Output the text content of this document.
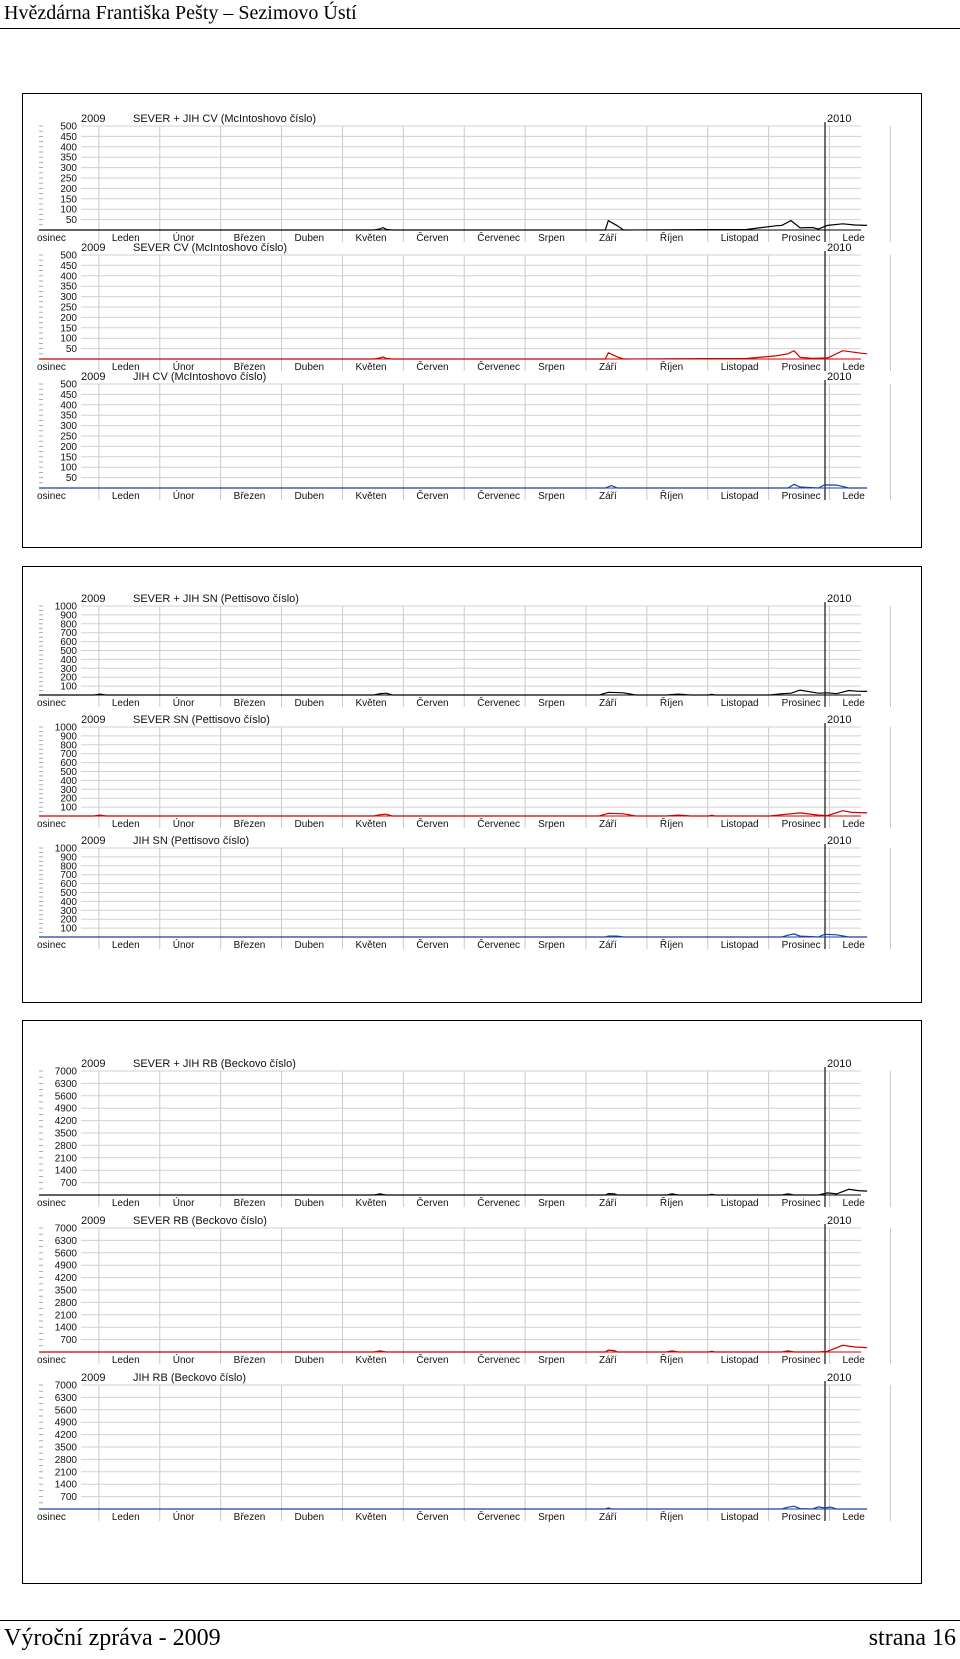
Hvězdárna Františka Pešty – Sezimovo Ústí
50
100
150
200
250
300
350
400
450
500
2009	SEVER + JIH CV (McIntoshovo číslo)	2010
osinec	Leden	Únor	Březen	Duben	Květen	Červen	Červenec Srpen	Září	Říjen	Listopad Prosinec Lede
50
100
150
200
250
300
350
400
450
500
2009	SEVER CV (McIntoshovo číslo)	2010
osinec	Leden	Únor	Březen	Duben	Květen	Červen	Červenec Srpen	Září	Říjen	Listopad Prosinec Lede
50
100
150
200
250
300
350
400
450
500
2009	JIH CV (McIntoshovo číslo)	2010
osinec	Leden	Únor	Březen	Duben	Květen	Červen	Červenec Srpen	Září	Říjen	Listopad Prosinec Lede
100
200
300
400
500
600
700
800
900
1000
2009	SEVER + JIH SN (Pettisovo číslo)	2010
osinec	Leden	Únor	Březen	Duben	Květen	Červen	Červenec Srpen	Září	Říjen	Listopad Prosinec Lede
100
200
300
400
500
600
700
800
900
1000
2009	SEVER SN (Pettisovo číslo)	2010
osinec	Leden	Únor	Březen	Duben	Květen	Červen	Červenec Srpen	Září	Říjen	Listopad Prosinec Lede
100
200
300
400
500
600
700
800
900
1000
2009	JIH SN (Pettisovo číslo)	2010
osinec	Leden	Únor	Březen	Duben	Květen	Červen	Červenec Srpen	Září	Říjen	Listopad Prosinec Lede
700
1400
2100
2800
3500
4200
4900
5600
6300
7000
2009	SEVER + JIH RB (Beckovo číslo)	2010
osinec	Leden	Únor	Březen	Duben	Květen	Červen	Červenec Srpen	Září	Říjen	Listopad Prosinec Lede
700
1400
2100
2800
3500
4200
4900
5600
6300
7000
2009	SEVER RB (Beckovo číslo)	2010
osinec	Leden	Únor	Březen	Duben	Květen	Červen	Červenec Srpen	Září	Říjen	Listopad Prosinec Lede
700
1400
2100
2800
3500
4200
4900
5600
6300
7000
2009	JIH RB (Beckovo číslo)	2010
osinec	Leden	Únor	Březen	Duben	Květen	Červen	Červenec Srpen	Září	Říjen	Listopad Prosinec Lede
Výroční zpráva - 2009	strana 16
